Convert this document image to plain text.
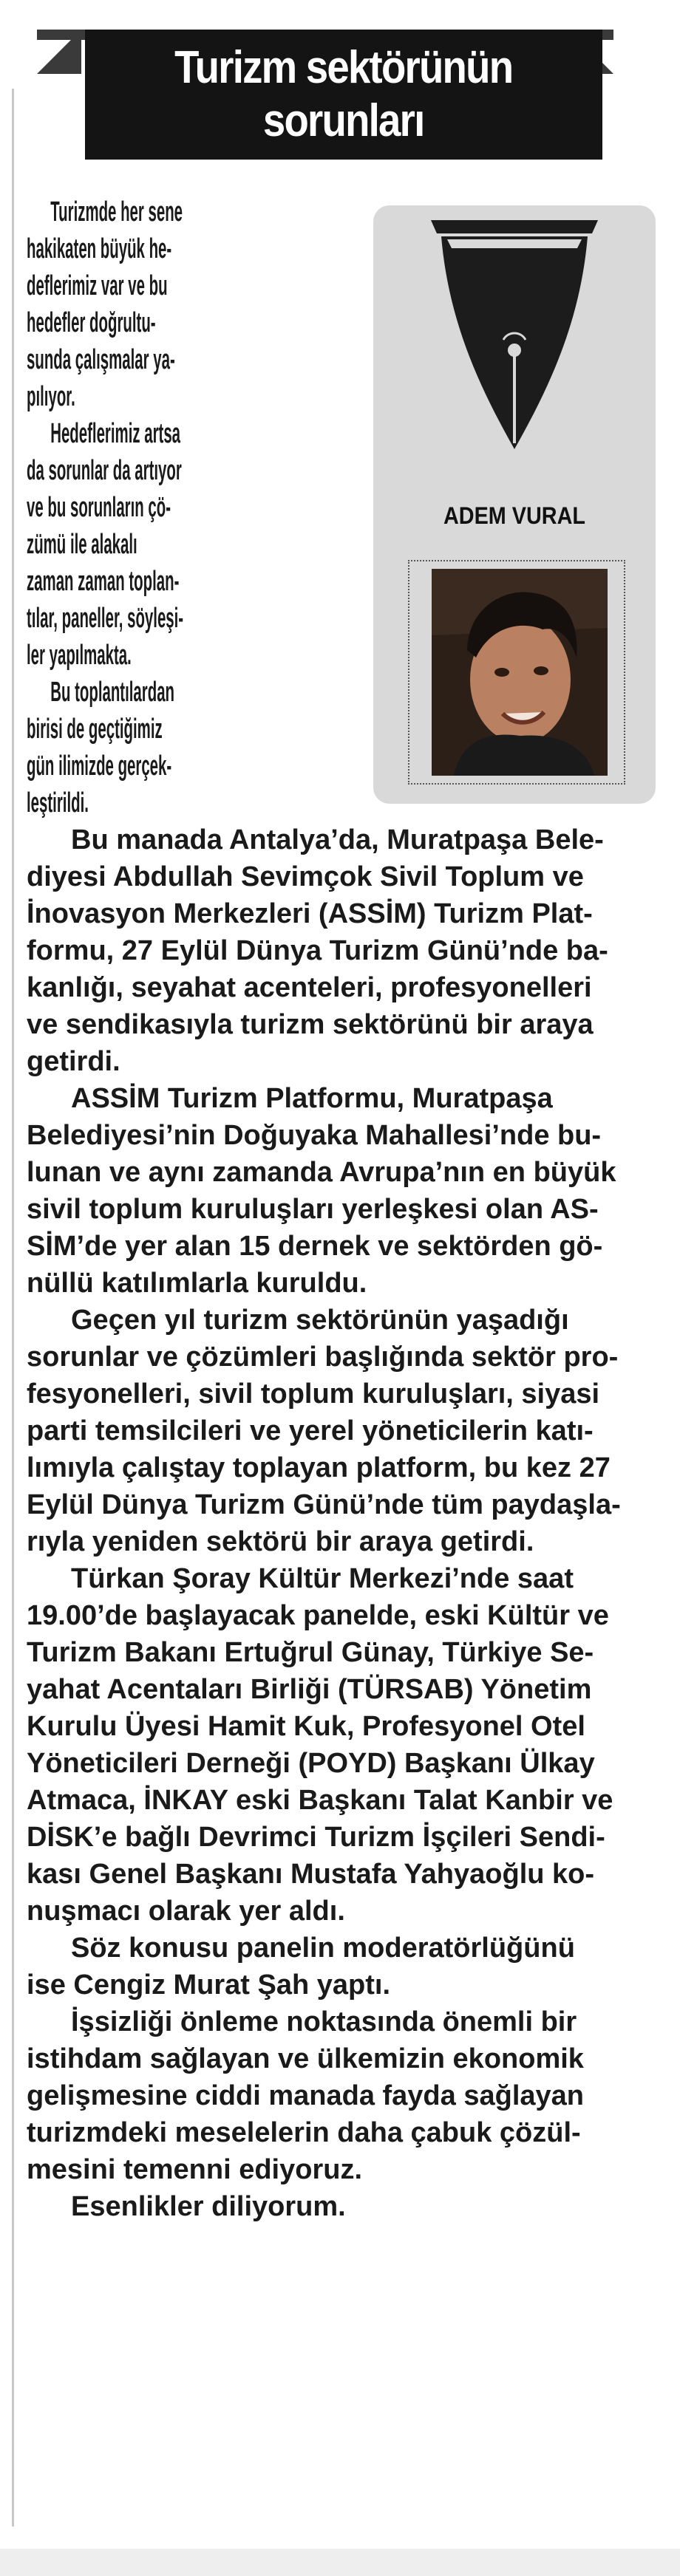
Turizm sektörünün
sorunları
ADEM VURAL
Turizmde her sene
hakikaten büyük he-
deflerimiz var ve bu
hedefler doğrultu-
sunda çalışmalar ya-
pılıyor.
Hedeflerimiz artsa
da sorunlar da artıyor
ve bu sorunların çö-
zümü ile alakalı
zaman zaman toplan-
tılar, paneller, söyleşi-
ler yapılmakta.
Bu toplantılardan
birisi de geçtiğimiz
gün ilimizde gerçek-
leştirildi.
Bu manada Antalya’da, Muratpaşa Bele-
diyesi Abdullah Sevimçok Sivil Toplum ve
İnovasyon Merkezleri (ASSİM) Turizm Plat-
formu, 27 Eylül Dünya Turizm Günü’nde ba-
kanlığı, seyahat acenteleri, profesyonelleri
ve sendikasıyla turizm sektörünü bir araya
getirdi.
ASSİM Turizm Platformu, Muratpaşa
Belediyesi’nin Doğuyaka Mahallesi’nde bu-
lunan ve aynı zamanda Avrupa’nın en büyük
sivil toplum kuruluşları yerleşkesi olan AS-
SİM’de yer alan 15 dernek ve sektörden gö-
nüllü katılımlarla kuruldu.
Geçen yıl turizm sektörünün yaşadığı
sorunlar ve çözümleri başlığında sektör pro-
fesyonelleri, sivil toplum kuruluşları, siyasi
parti temsilcileri ve yerel yöneticilerin katı-
lımıyla çalıştay toplayan platform, bu kez 27
Eylül Dünya Turizm Günü’nde tüm paydaşla-
rıyla yeniden sektörü bir araya getirdi.
Türkan Şoray Kültür Merkezi’nde saat
19.00’de başlayacak panelde, eski Kültür ve
Turizm Bakanı Ertuğrul Günay, Türkiye Se-
yahat Acentaları Birliği (TÜRSAB) Yönetim
Kurulu Üyesi Hamit Kuk, Profesyonel Otel
Yöneticileri Derneği (POYD) Başkanı Ülkay
Atmaca, İNKAY eski Başkanı Talat Kanbir ve
DİSK’e bağlı Devrimci Turizm İşçileri Sendi-
kası Genel Başkanı Mustafa Yahyaoğlu ko-
nuşmacı olarak yer aldı.
Söz konusu panelin moderatörlüğünü
ise Cengiz Murat Şah yaptı.
İşsizliği önleme noktasında önemli bir
istihdam sağlayan ve ülkemizin ekonomik
gelişmesine ciddi manada fayda sağlayan
turizmdeki meselelerin daha çabuk çözül-
mesini temenni ediyoruz.
Esenlikler diliyorum.
